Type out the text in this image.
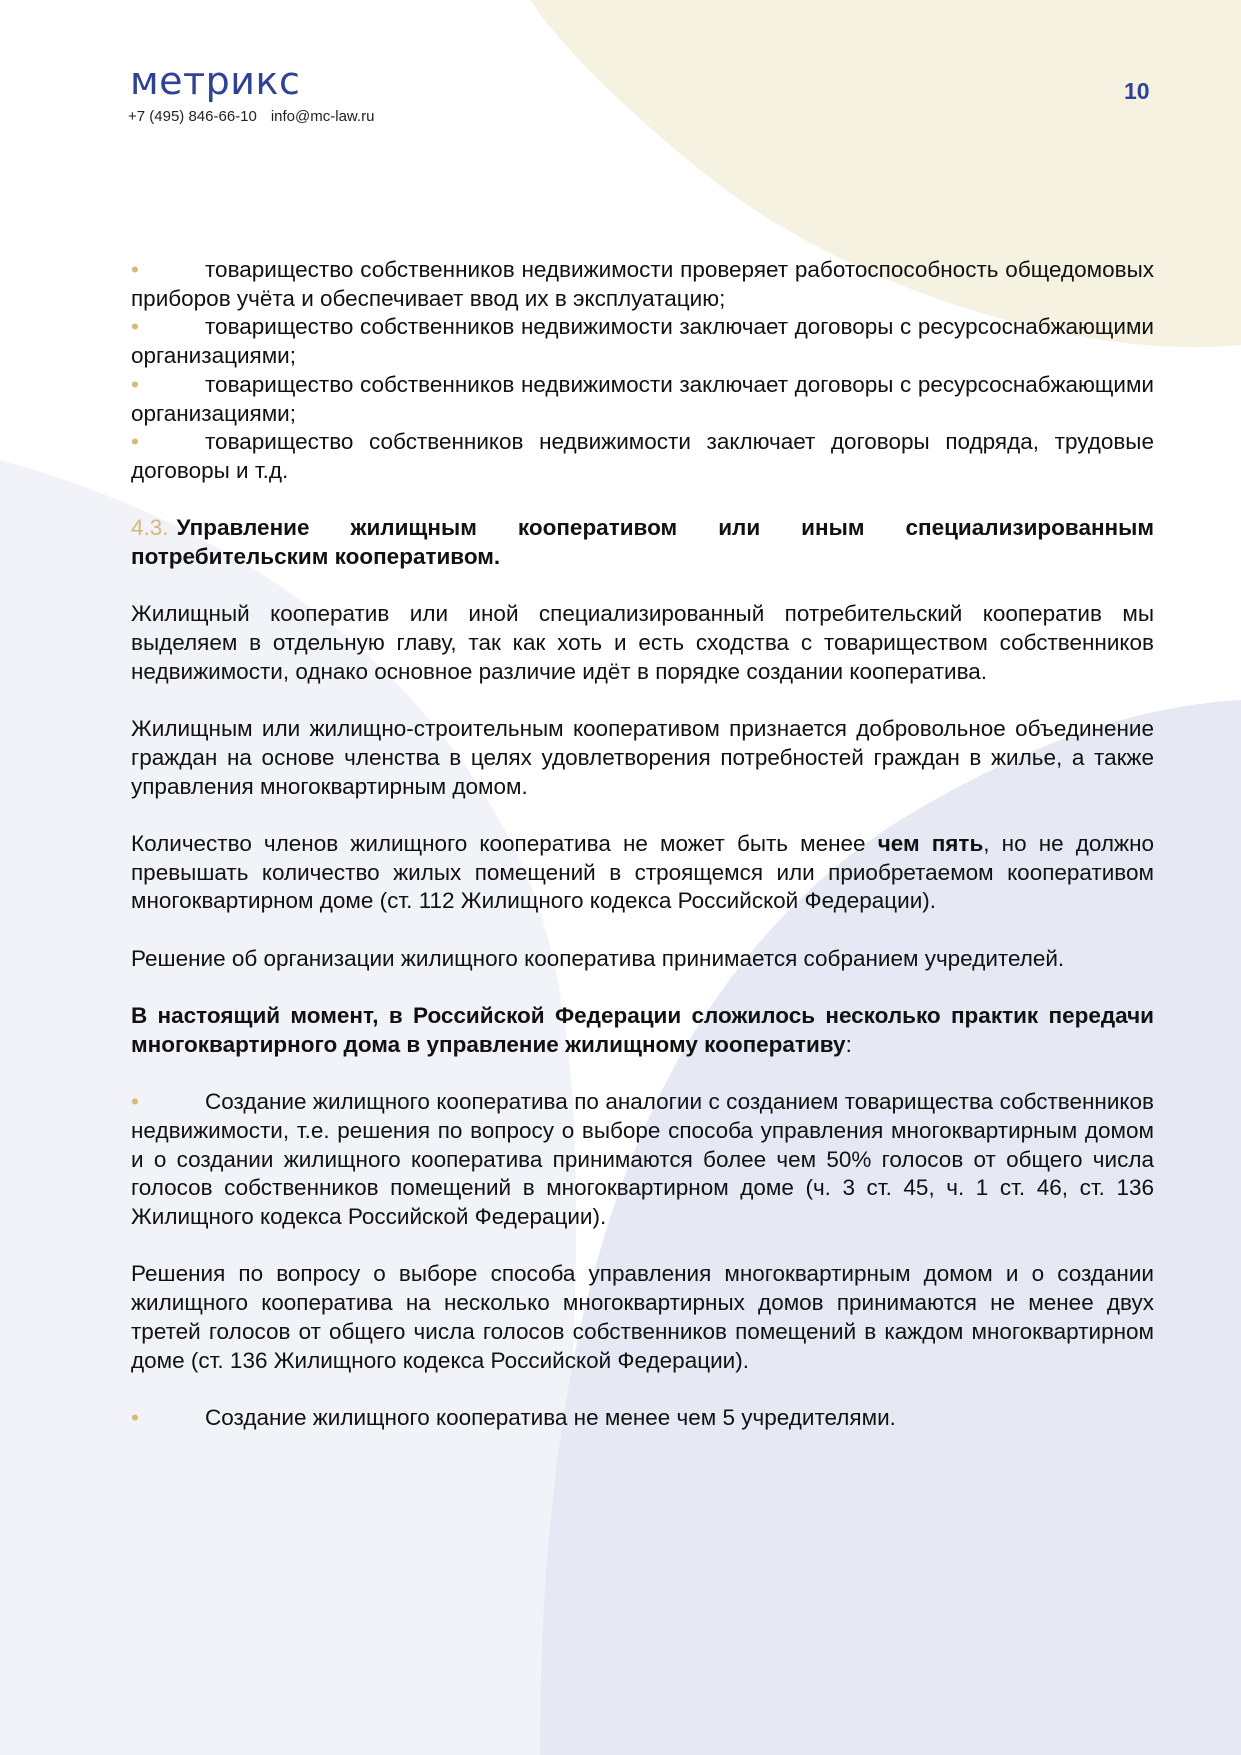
метрикс
+7 (495) 846-66-10 info@mc-law.ru
10

•	товарищество собственников недвижимости проверяет работоспособность общедомовых приборов учёта и обеспечивает ввод их в эксплуатацию;

•	товарищество собственников недвижимости заключает договоры с ресурсоснабжающими организациями;

•	товарищество собственников недвижимости заключает договоры с ресурсоснабжающими организациями;

•	товарищество собственников недвижимости заключает договоры подряда, трудовые договоры и т.д.

4.3. Управление жилищным кооперативом или иным специализированным потребительским кооперативом.

Жилищный кооператив или иной специализированный потребительский кооператив мы выделяем в отдельную главу, так как хоть и есть сходства с товариществом собственников недвижимости, однако основное различие идёт в порядке создании кооператива.

Жилищным или жилищно-строительным кооперативом признается добровольное объединение граждан на основе членства в целях удовлетворения потребностей граждан в жилье, а также управления многоквартирным домом.

Количество членов жилищного кооператива не может быть менее чем пять, но не должно превышать количество жилых помещений в строящемся или приобретаемом кооперативом многоквартирном доме (ст. 112 Жилищного кодекса Российской Федерации).

Решение об организации жилищного кооператива принимается собранием учредителей.

В настоящий момент, в Российской Федерации сложилось несколько практик передачи многоквартирного дома в управление жилищному кооперативу:

•	Создание жилищного кооператива по аналогии с созданием товарищества собственников недвижимости, т.е. решения по вопросу о выборе способа управления многоквартирным домом и о создании жилищного кооператива принимаются более чем 50% голосов от общего числа голосов собственников помещений в многоквартирном доме (ч. 3 ст. 45, ч. 1 ст. 46, ст. 136 Жилищного кодекса Российской Федерации).

Решения по вопросу о выборе способа управления многоквартирным домом и о создании жилищного кооператива на несколько многоквартирных домов принимаются не менее двух третей голосов от общего числа голосов собственников помещений в каждом многоквартирном доме (ст. 136 Жилищного кодекса Российской Федерации).

•	Создание жилищного кооператива не менее чем 5 учредителями.
